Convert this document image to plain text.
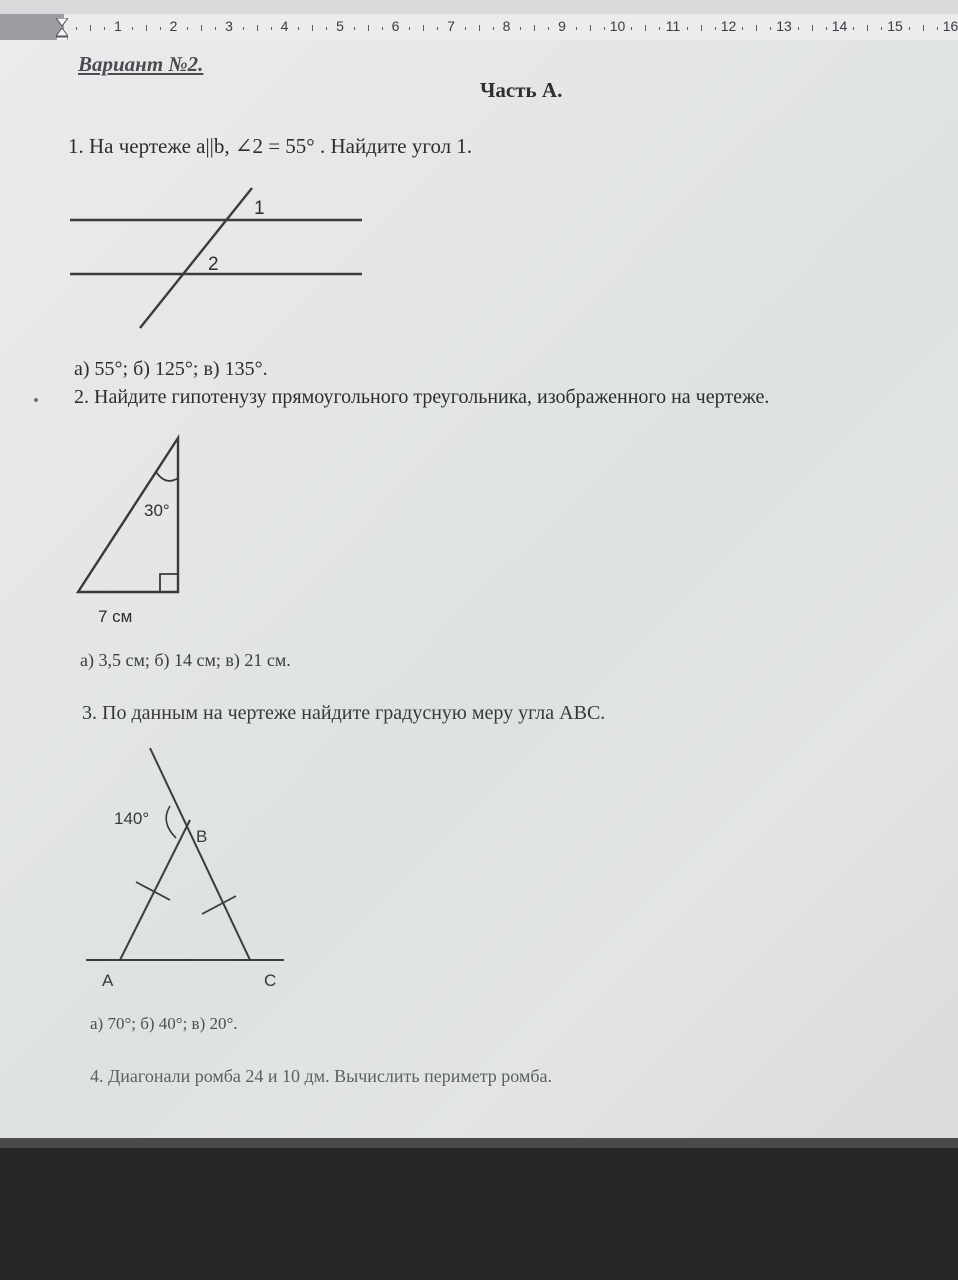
1	2	3	4	5	6	7	8	9	10	11	12	13	14	15	16
Вариант №2.
Часть А.
1. На чертеже a||b, ∠2 = 55° . Найдите угол 1.
1
2
а) 55°; б) 125°; в) 135°.
2. Найдите гипотенузу прямоугольного треугольника, изображенного на чертеже.
30°
7 см
а) 3,5 см; б) 14 см; в) 21 см.
3. По данным на чертеже найдите градусную меру угла ABC.
140°
B
A	C
а) 70°; б) 40°; в) 20°.
4. Диагонали ромба 24 и 10 дм. Вычислить периметр ромба.
